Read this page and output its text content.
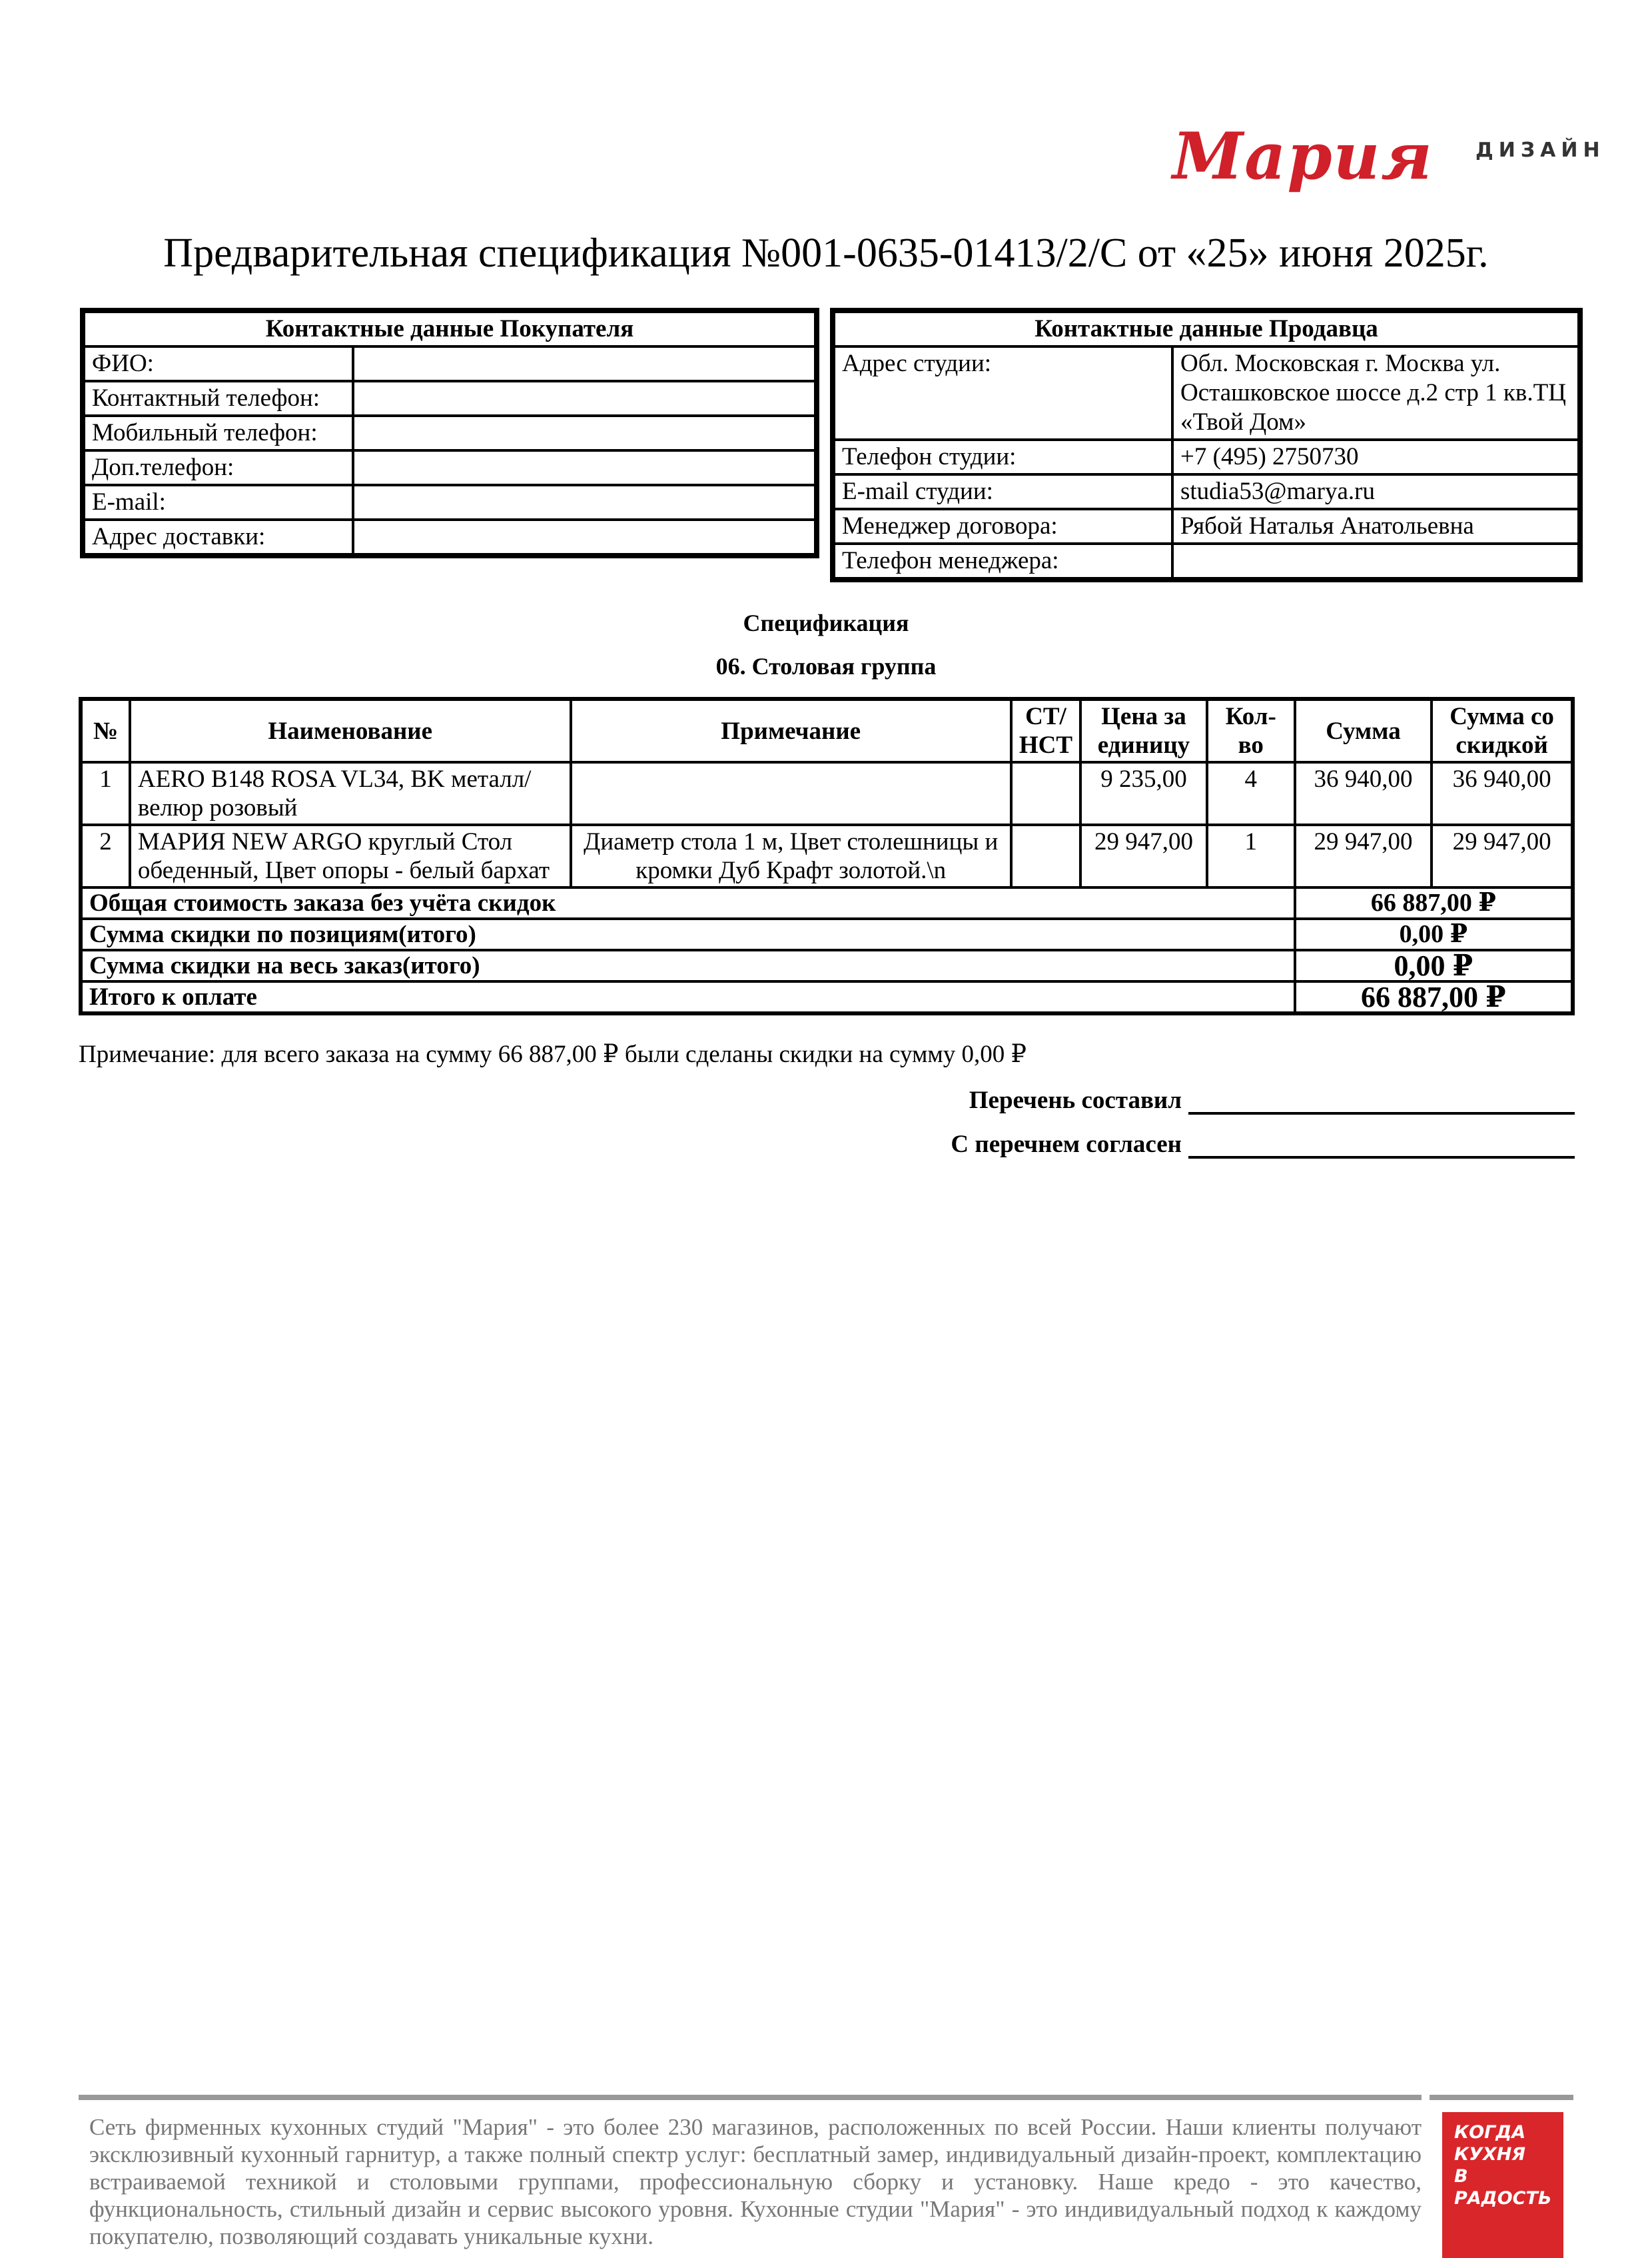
Мария ДИЗАЙН
Предварительная спецификация №001-0635-01413/2/С от «25» июня 2025г.
Контактные данные Покупателя	
ФИО:	
Контактный телефон:	
Мобильный телефон:	
Доп.телефон:	
E-mail:	
Адрес доставки:	
Контактные данные Продавца	
Адрес студии:	Обл. Московская г. Москва ул. Осташковское шоссе д.2 стр 1 кв.ТЦ «Твой Дом»
Телефон студии:	+7 (495) 2750730
E-mail студии:	studia53@marya.ru
Менеджер договора:	Рябой Наталья Анатольевна
Телефон менеджера:	
Спецификация
06. Столовая группа
№	Наименование	Примечание	СТ/ НСТ	Цена за единицу	Кол-во	Сумма	Сумма со скидкой
1	AERO B148 ROSA VL34, BK металл/ велюр розовый			9 235,00	4	36 940,00	36 940,00
2	МАРИЯ NEW ARGO круглый Стол обеденный, Цвет опоры - белый бархат	Диаметр стола 1 м, Цвет столешницы и кромки Дуб Крафт золотой.\n		29 947,00	1	29 947,00	29 947,00
Общая стоимость заказа без учёта скидок						66 887,00 ₽	
Сумма скидки по позициям(итого)						0,00 ₽	
Сумма скидки на весь заказ(итого)						0,00 ₽	
Итого к оплате						66 887,00 ₽	
Примечание: для всего заказа на сумму 66 887,00 ₽ были сделаны скидки на сумму 0,00 ₽
Перечень составил
С перечнем согласен
Сеть фирменных кухонных студий "Мария" - это более 230 магазинов, расположенных по всей России. Наши клиенты получают эксклюзивный кухонный гарнитур, а также полный спектр услуг: бесплатный замер, индивидуальный дизайн-проект, комплектацию встраиваемой техникой и столовыми группами, профессиональную сборку и установку. Наше кредо - это качество, функциональность, стильный дизайн и сервис высокого уровня. Кухонные студии "Мария" - это индивидуальный подход к каждому покупателю, позволяющий создавать уникальные кухни.
КОГДА
КУХНЯ
В РАДОСТЬ
